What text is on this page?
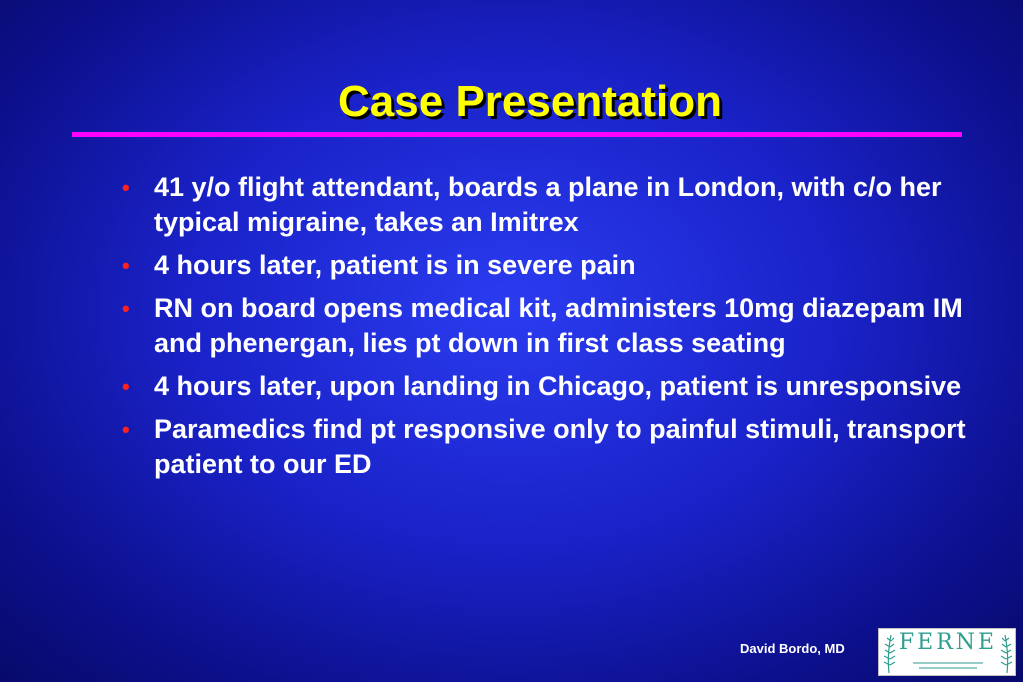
Case Presentation
• 41 y/o flight attendant, boards a plane in London, with c/o her typical migraine, takes an Imitrex
• 4 hours later, patient is in severe pain
• RN on board opens medical kit, administers 10mg diazepam IM and phenergan, lies pt down in first class seating
• 4 hours later, upon landing in Chicago, patient is unresponsive
• Paramedics find pt responsive only to painful stimuli, transport patient to our ED
David Bordo, MD FERNE
